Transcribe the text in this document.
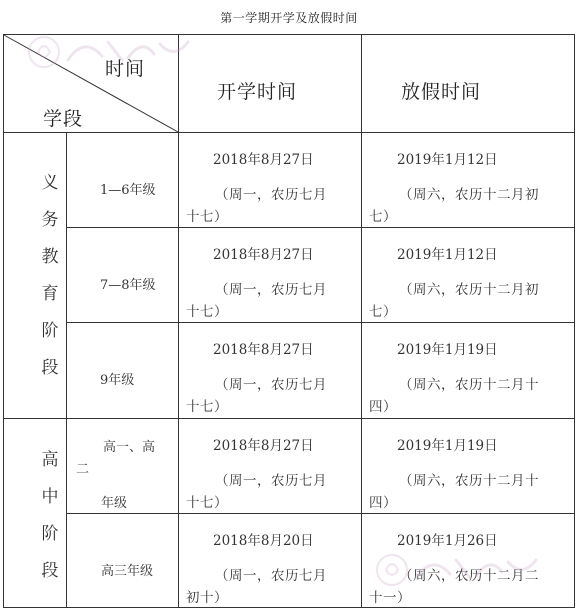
第一学期开学及放假时间
时间
学段
开学时间	放假时间
义
务
教
育
阶
段
高
中
阶
段
1—6年级
2018年8月27日
（周一，农历七月
十七）
2019年1月12日
（周六，农历十二月初
七）
7—8年级
2018年8月27日
（周一，农历七月
十七）
2019年1月12日
（周六，农历十二月初
七）
9年级
2018年8月27日
（周一，农历七月
十七）
2019年1月19日
（周六，农历十二月十
四）
高一、高
二
年级
2018年8月27日
（周一，农历七月
十七）
2019年1月19日
（周六，农历十二月十
四）
高三年级
2018年8月20日
（周一，农历七月
初十）
2019年1月26日
（周六，农历十二月二
十一）
